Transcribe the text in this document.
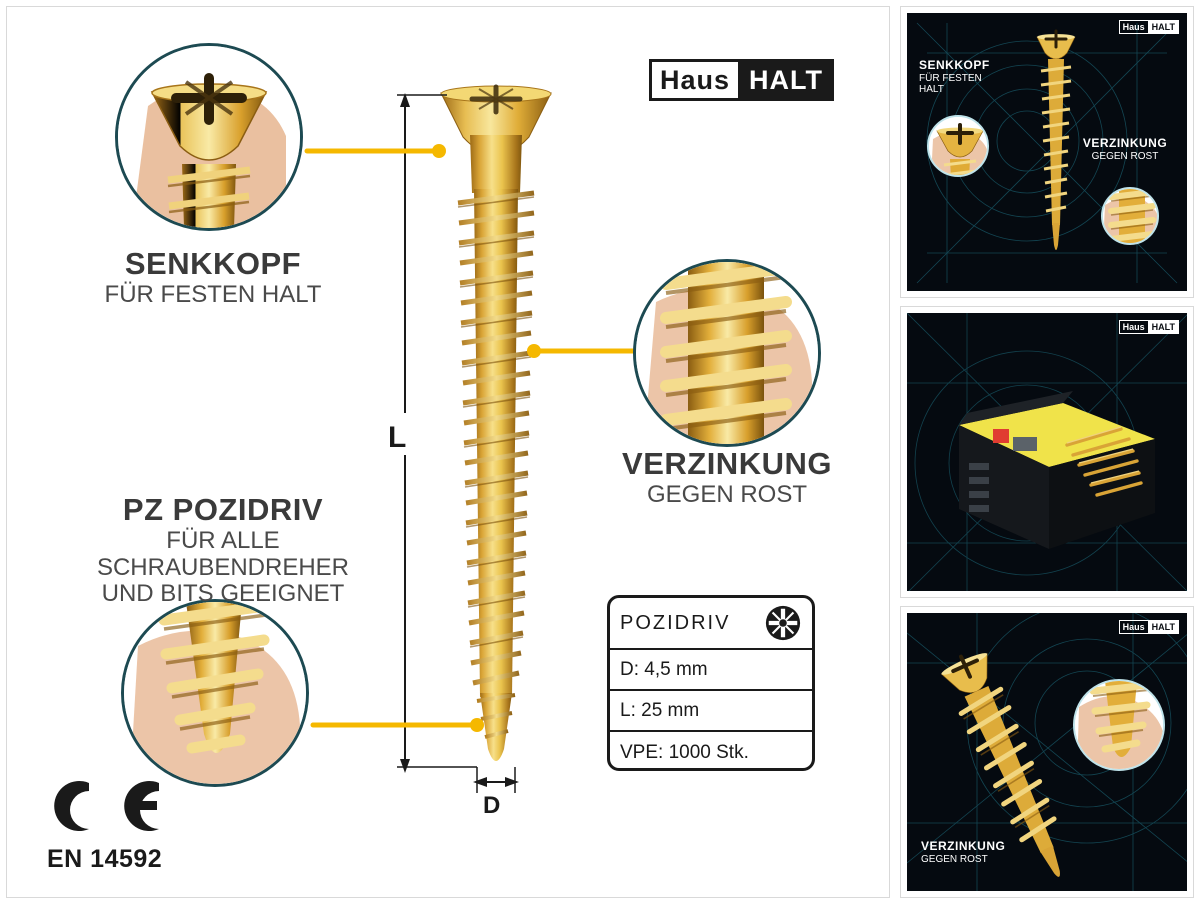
Haus HALT
L
D
SENKKOPF
FÜR FESTEN HALT
VERZINKUNG
GEGEN ROST
PZ POZIDRIV
FÜR ALLE SCHRAUBENDREHER
UND BITS GEEIGNET
POZIDRIV
D: 4,5 mm
L: 25 mm
VPE: 1000 Stk.
EN 14592
Haus HALT
SENKKOPF
FÜR FESTEN
HALT
VERZINKUNG
GEGEN ROST
Haus HALT
Haus HALT
VERZINKUNG
GEGEN ROST
